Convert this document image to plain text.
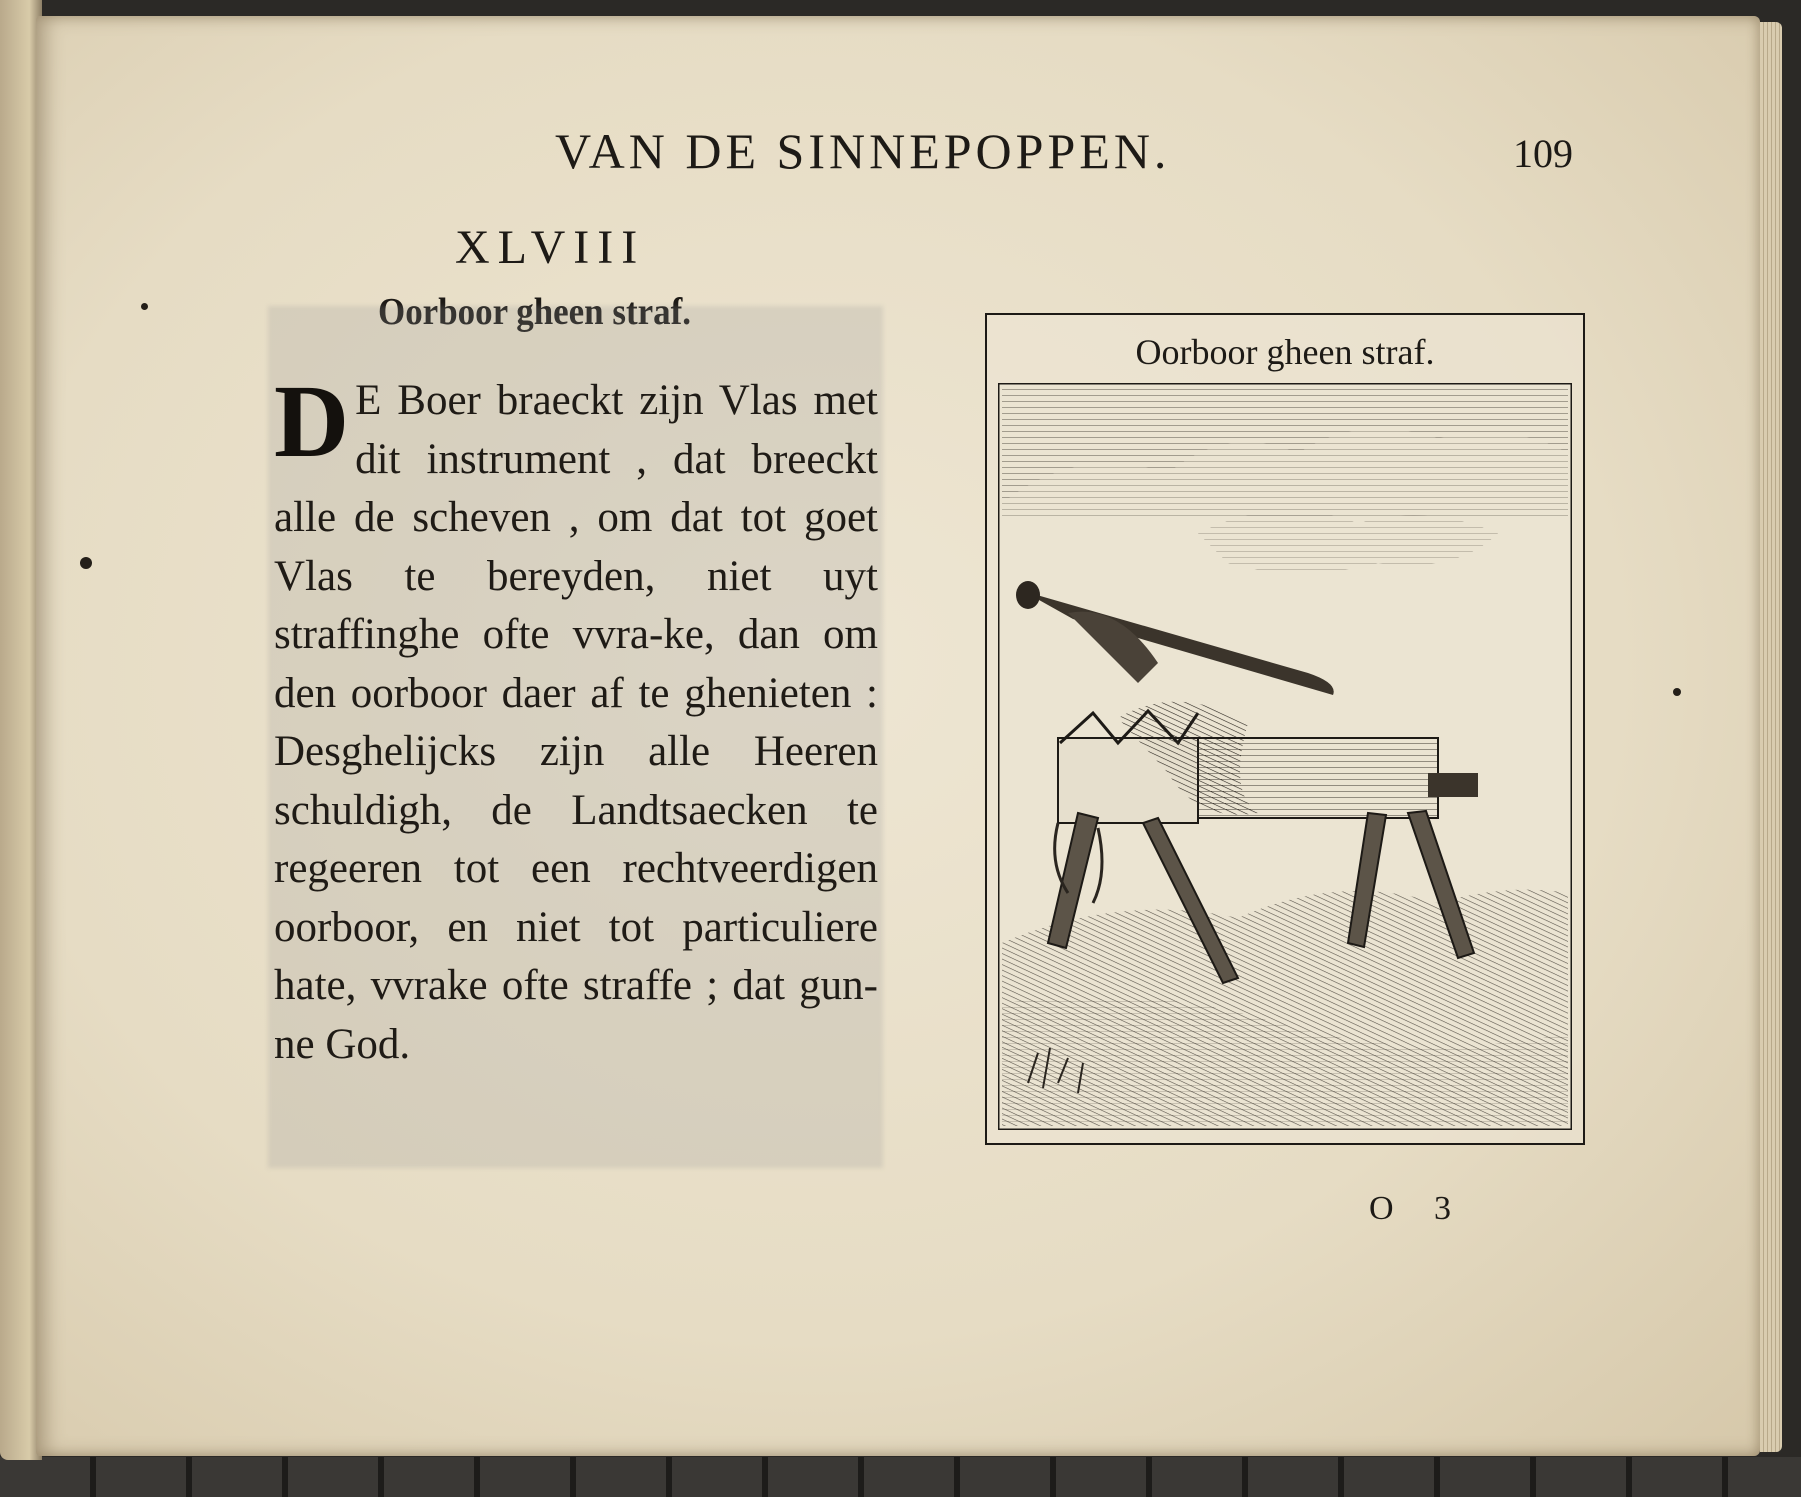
VAN DE SINNEPOPPEN.	109
XLVIII
Oorboor gheen straf.

D E Boer braeckt zijn Vlas met dit instrument , dat breeckt alle de scheven , om dat tot goet Vlas te bereyden, niet uyt straffinghe ofte vvra-ke, dan om den oorboor daer af te ghenieten : Desghelijcks zijn alle Heeren schuldigh, de Landtsaecken te regeeren tot een rechtveerdigen oorboor, en niet tot particuliere hate, vvrake ofte straffe ; dat gun-ne God.

Oorboor gheen straf.
O 3
